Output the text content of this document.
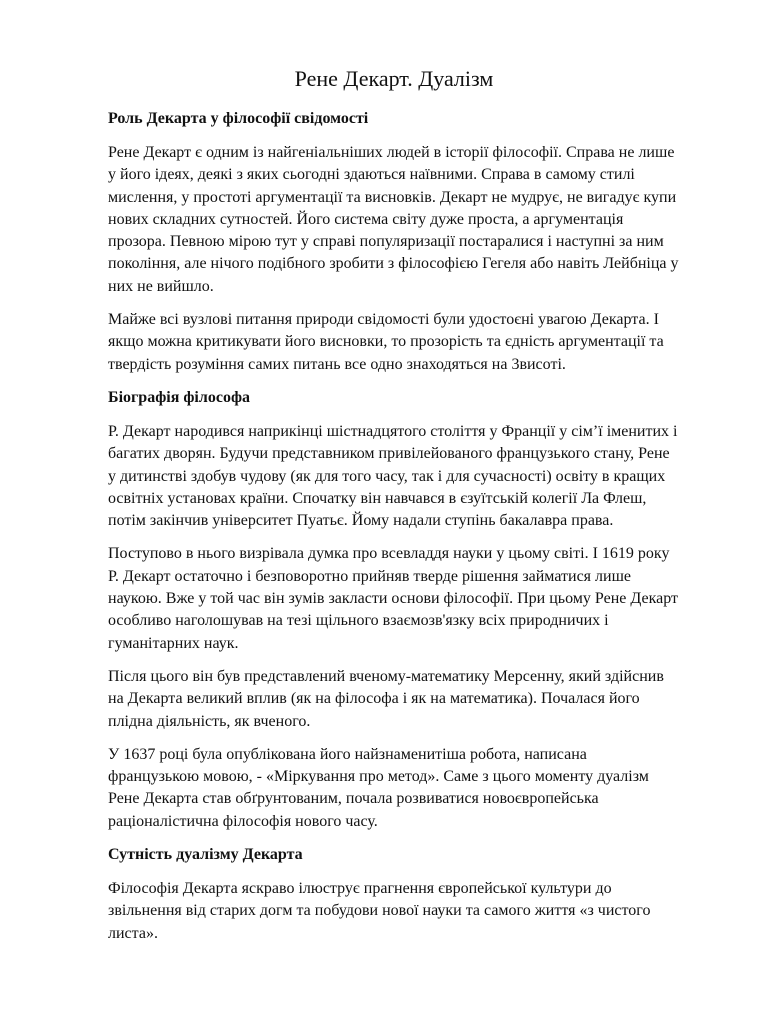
Рене Декарт. Дуалізм
Роль Декарта у філософії свідомості

Рене Декарт є одним із найгеніальніших людей в історії філософії. Справа не лише у його ідеях, деякі з яких сьогодні здаються наївними. Справа в самому стилі мислення, у простоті аргументації та висновків. Декарт не мудрує, не вигадує купи нових складних сутностей. Його система світу дуже проста, а аргументація прозора. Певною мірою тут у справі популяризації постаралися і наступні за ним покоління, але нічого подібного зробити з філософією Гегеля або навіть Лейбніца у них не вийшло.

Майже всі вузлові питання природи свідомості були удостоєні увагою Декарта. І якщо можна критикувати його висновки, то прозорість та єдність аргументації та твердість розуміння самих питань все одно знаходяться на 3висоті.

Біографія філософа

Р. Декарт народився наприкінці шістнадцятого століття у Франції у сім’ї іменитих і багатих дворян. Будучи представником привілейованого французького стану, Рене у дитинстві здобув чудову (як для того часу, так і для сучасності) освіту в кращих освітніх установах країни. Спочатку він навчався в єзуїтській колегії Ла Флеш, потім закінчив університет Пуатьє. Йому надали ступінь бакалавра права.

Поступово в нього визрівала думка про всевладдя науки у цьому світі. І 1619 року Р. Декарт остаточно і безповоротно прийняв тверде рішення займатися лише наукою. Вже у той час він зумів закласти основи філософії. При цьому Рене Декарт особливо наголошував на тезі щільного взаємозв'язку всіх природничих і гуманітарних наук.

Після цього він був представлений вченому-математику Мерсенну, який здійснив на Декарта великий вплив (як на філософа і як на математика). Почалася його плідна діяльність, як вченого.

У 1637 році була опублікована його найзнаменитіша робота, написана французькою мовою, - «Міркування про метод». Саме з цього моменту дуалізм Рене Декарта став обґрунтованим, почала розвиватися новоєвропейська раціоналістична філософія нового часу.

Сутність дуалізму Декарта

Філософія Декарта яскраво ілюструє прагнення європейської культури до звільнення від старих догм та побудови нової науки та самого життя «з чистого листа».
